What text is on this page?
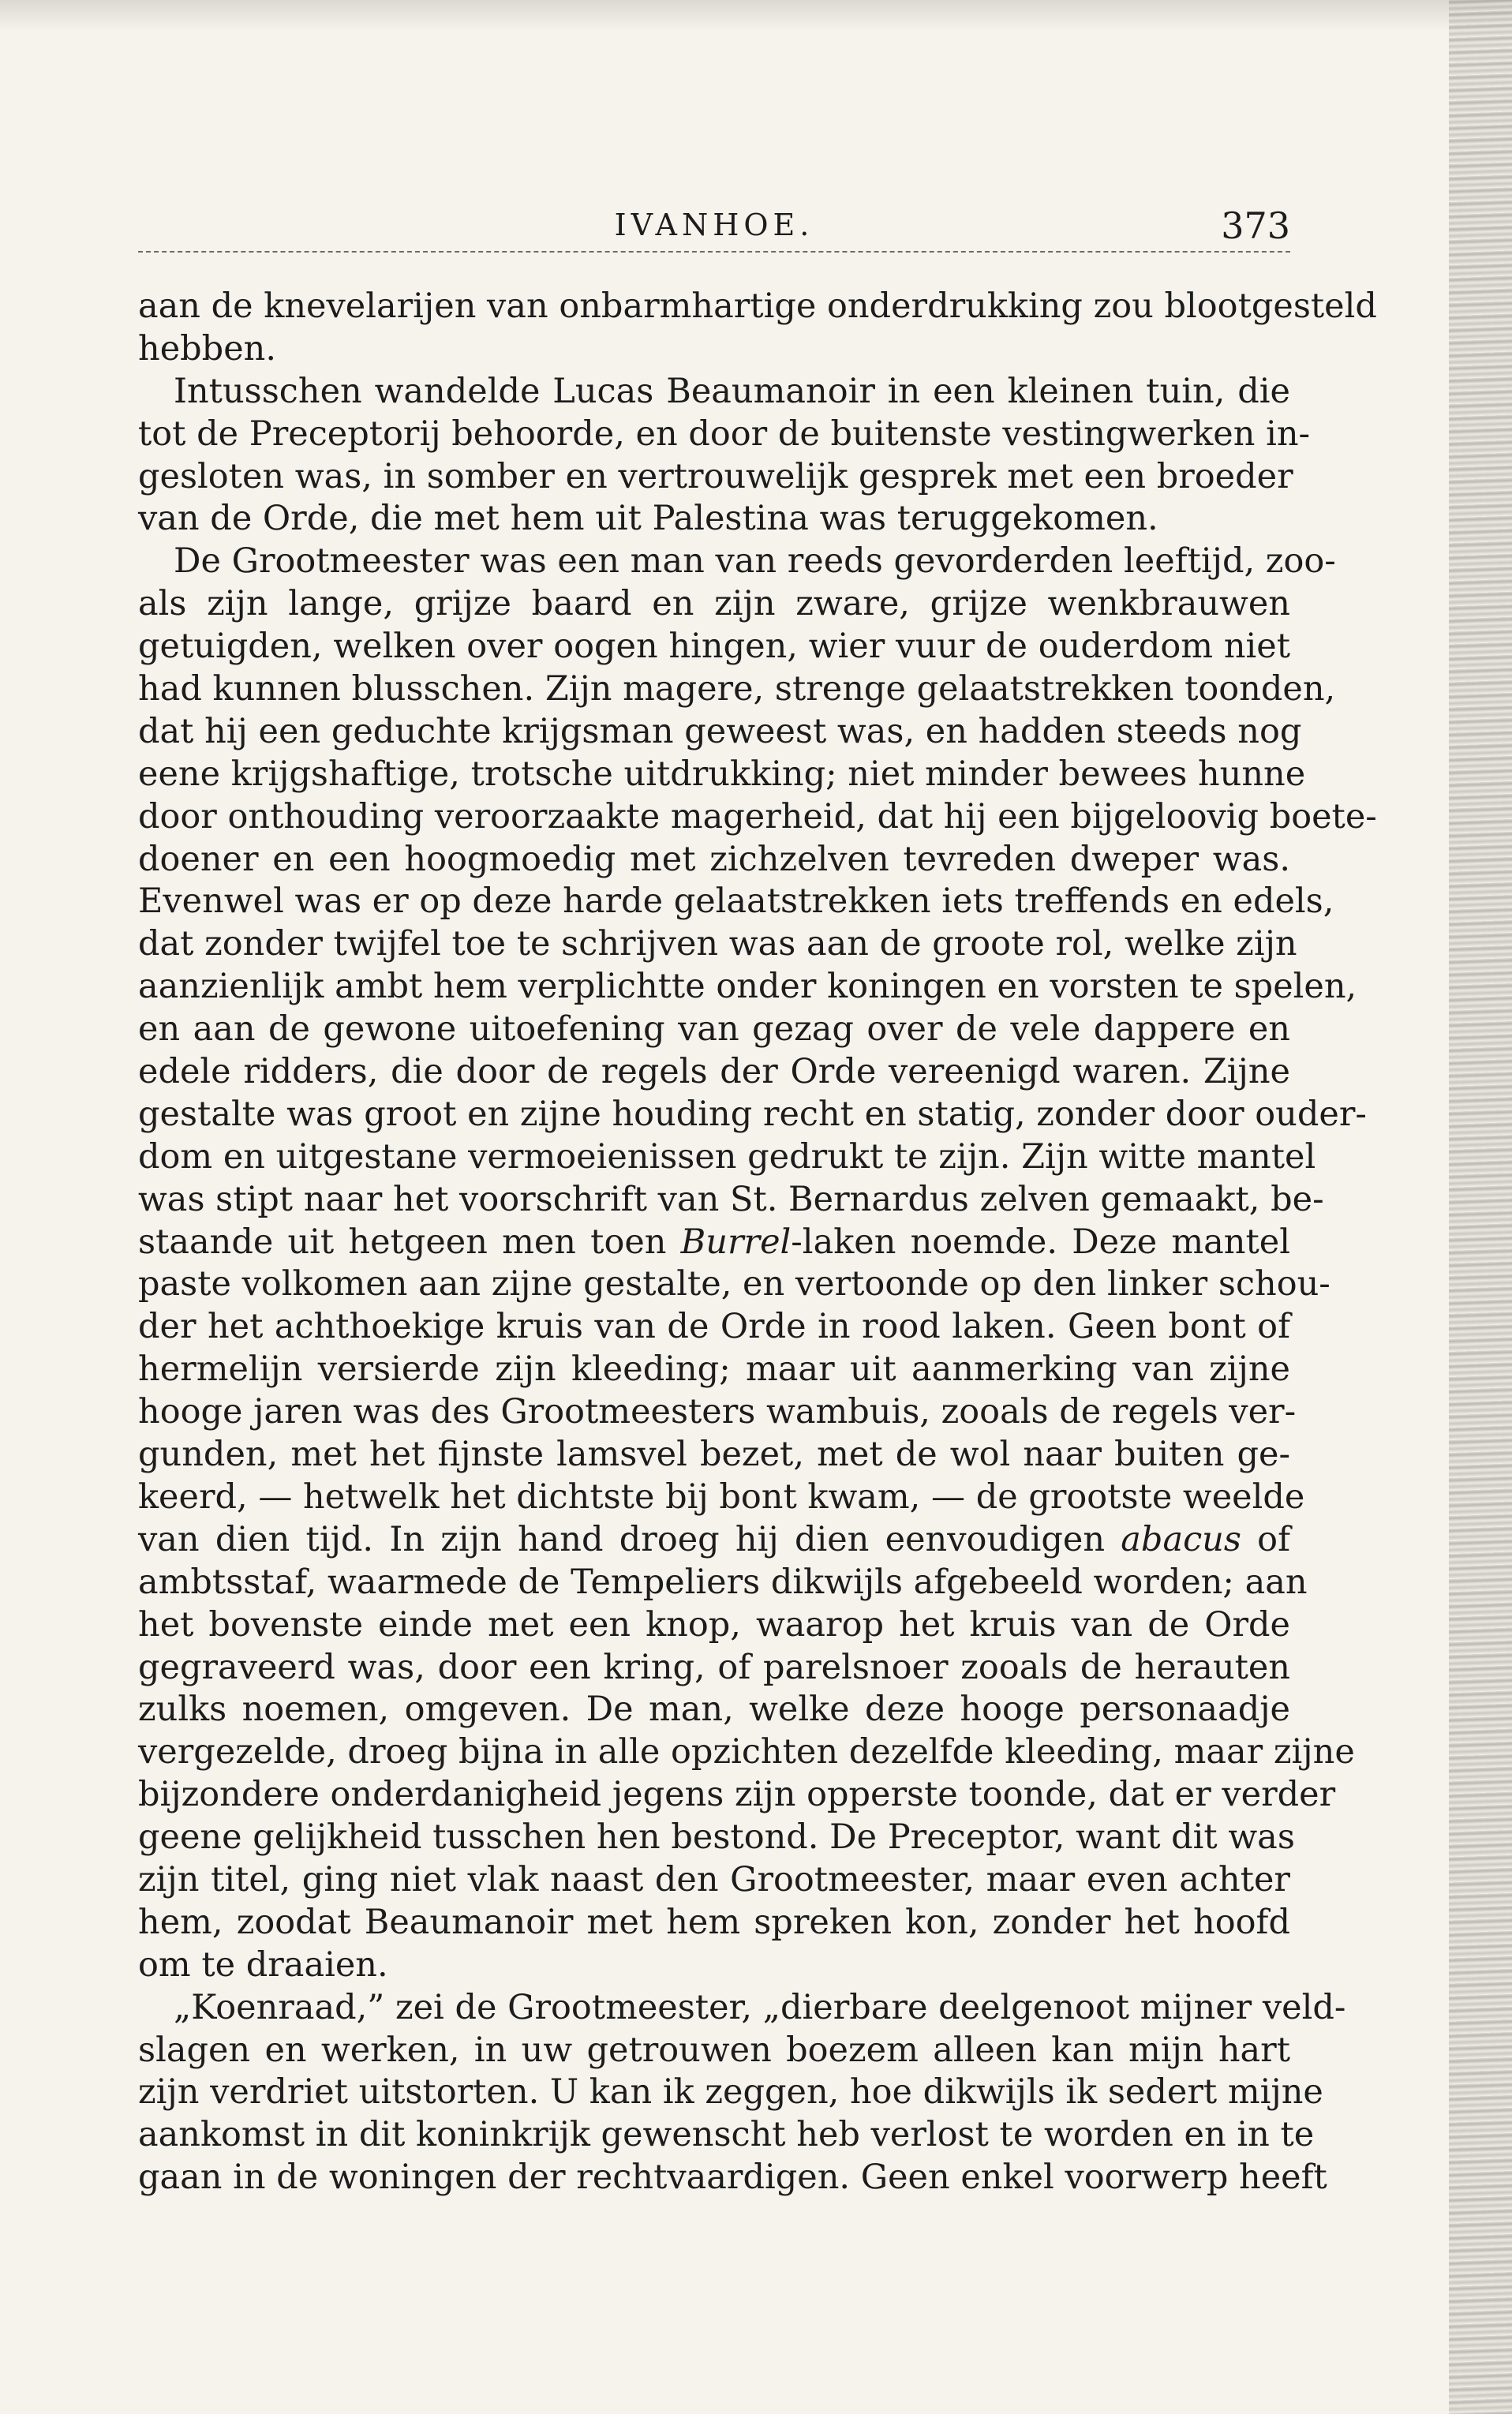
IVANHOE.	373
aan de knevelarijen van onbarmhartige onderdrukking zou blootgesteld
hebben.
Intusschen wandelde Lucas Beaumanoir in een kleinen tuin, die
tot de Preceptorij behoorde, en door de buitenste vestingwerken in-
gesloten was, in somber en vertrouwelijk gesprek met een broeder
van de Orde, die met hem uit Palestina was teruggekomen.
De Grootmeester was een man van reeds gevorderden leeftijd, zoo-
als zijn lange, grijze baard en zijn zware, grijze wenkbrauwen
getuigden, welken over oogen hingen, wier vuur de ouderdom niet
had kunnen blusschen. Zijn magere, strenge gelaatstrekken toonden,
dat hij een geduchte krijgsman geweest was, en hadden steeds nog
eene krijgshaftige, trotsche uitdrukking; niet minder bewees hunne
door onthouding veroorzaakte magerheid, dat hij een bijgeloovig boete-
doener en een hoogmoedig met zichzelven tevreden dweper was.
Evenwel was er op deze harde gelaatstrekken iets treffends en edels,
dat zonder twijfel toe te schrijven was aan de groote rol, welke zijn
aanzienlijk ambt hem verplichtte onder koningen en vorsten te spelen,
en aan de gewone uitoefening van gezag over de vele dappere en
edele ridders, die door de regels der Orde vereenigd waren. Zijne
gestalte was groot en zijne houding recht en statig, zonder door ouder-
dom en uitgestane vermoeienissen gedrukt te zijn. Zijn witte mantel
was stipt naar het voorschrift van St. Bernardus zelven gemaakt, be-
staande uit hetgeen men toen Burrel-laken noemde. Deze mantel
paste volkomen aan zijne gestalte, en vertoonde op den linker schou-
der het achthoekige kruis van de Orde in rood laken. Geen bont of
hermelijn versierde zijn kleeding; maar uit aanmerking van zijne
hooge jaren was des Grootmeesters wambuis, zooals de regels ver-
gunden, met het fijnste lamsvel bezet, met de wol naar buiten ge-
keerd, — hetwelk het dichtste bij bont kwam, — de grootste weelde
van dien tijd. In zijn hand droeg hij dien eenvoudigen abacus of
ambtsstaf, waarmede de Tempeliers dikwijls afgebeeld worden; aan
het bovenste einde met een knop, waarop het kruis van de Orde
gegraveerd was, door een kring, of parelsnoer zooals de herauten
zulks noemen, omgeven. De man, welke deze hooge personaadje
vergezelde, droeg bijna in alle opzichten dezelfde kleeding, maar zijne
bijzondere onderdanigheid jegens zijn opperste toonde, dat er verder
geene gelijkheid tusschen hen bestond. De Preceptor, want dit was
zijn titel, ging niet vlak naast den Grootmeester, maar even achter
hem, zoodat Beaumanoir met hem spreken kon, zonder het hoofd
om te draaien.
„Koenraad,” zei de Grootmeester, „dierbare deelgenoot mijner veld-
slagen en werken, in uw getrouwen boezem alleen kan mijn hart
zijn verdriet uitstorten. U kan ik zeggen, hoe dikwijls ik sedert mijne
aankomst in dit koninkrijk gewenscht heb verlost te worden en in te
gaan in de woningen der rechtvaardigen. Geen enkel voorwerp heeft
